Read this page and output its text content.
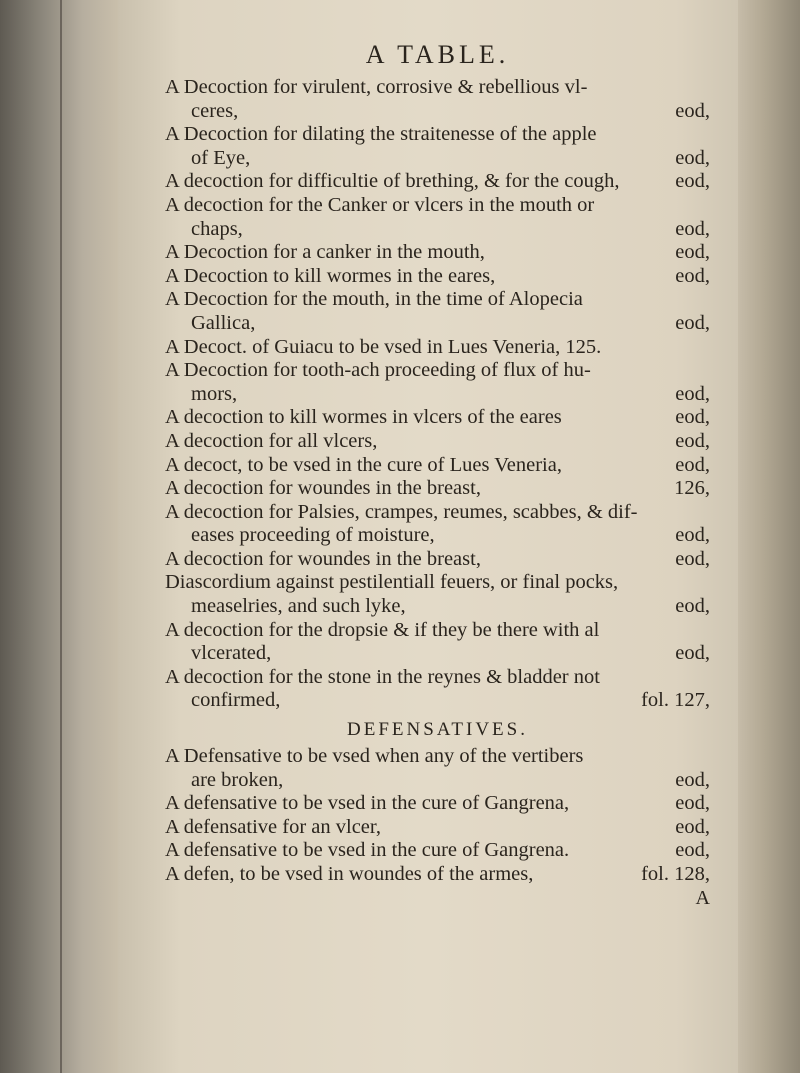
A TABLE.

A Decoction for virulent, corrosive & rebellious vl-
eod,
ceres,

A Decoction for dilating the straitenesse of the apple
eod,
of Eye,

eod,
A decoction for difficultie of brething, & for the cough,

A decoction for the Canker or vlcers in the mouth or
eod,
chaps,

eod,
A Decoction for a canker in the mouth,

eod,
A Decoction to kill wormes in the eares,

A Decoction for the mouth, in the time of Alopecia
eod,
Gallica,

A Decoct. of Guiacu to be vsed in Lues Veneria, 125.

A Decoction for tooth-ach proceeding of flux of hu-
eod,
mors,

eod,
A decoction to kill wormes in vlcers of the eares

eod,
A decoction for all vlcers,

eod,
A decoct, to be vsed in the cure of Lues Veneria,

126,
A decoction for woundes in the breast,

A decoction for Palsies, crampes, reumes, scabbes, & dif-
eod,
eases proceeding of moisture,

eod,
A decoction for woundes in the breast,

Diascordium against pestilentiall feuers, or final pocks,
eod,
measelries, and such lyke,

A decoction for the dropsie & if they be there with al
eod,
vlcerated,

A decoction for the stone in the reynes & bladder not
fol. 127,
confirmed,

DEFENSATIVES.

A Defensative to be vsed when any of the vertibers
eod,
are broken,

eod,
A defensative to be vsed in the cure of Gangrena,

eod,
A defensative for an vlcer,

eod,
A defensative to be vsed in the cure of Gangrena.

fol. 128,
A defen, to be vsed in woundes of the armes,

A
